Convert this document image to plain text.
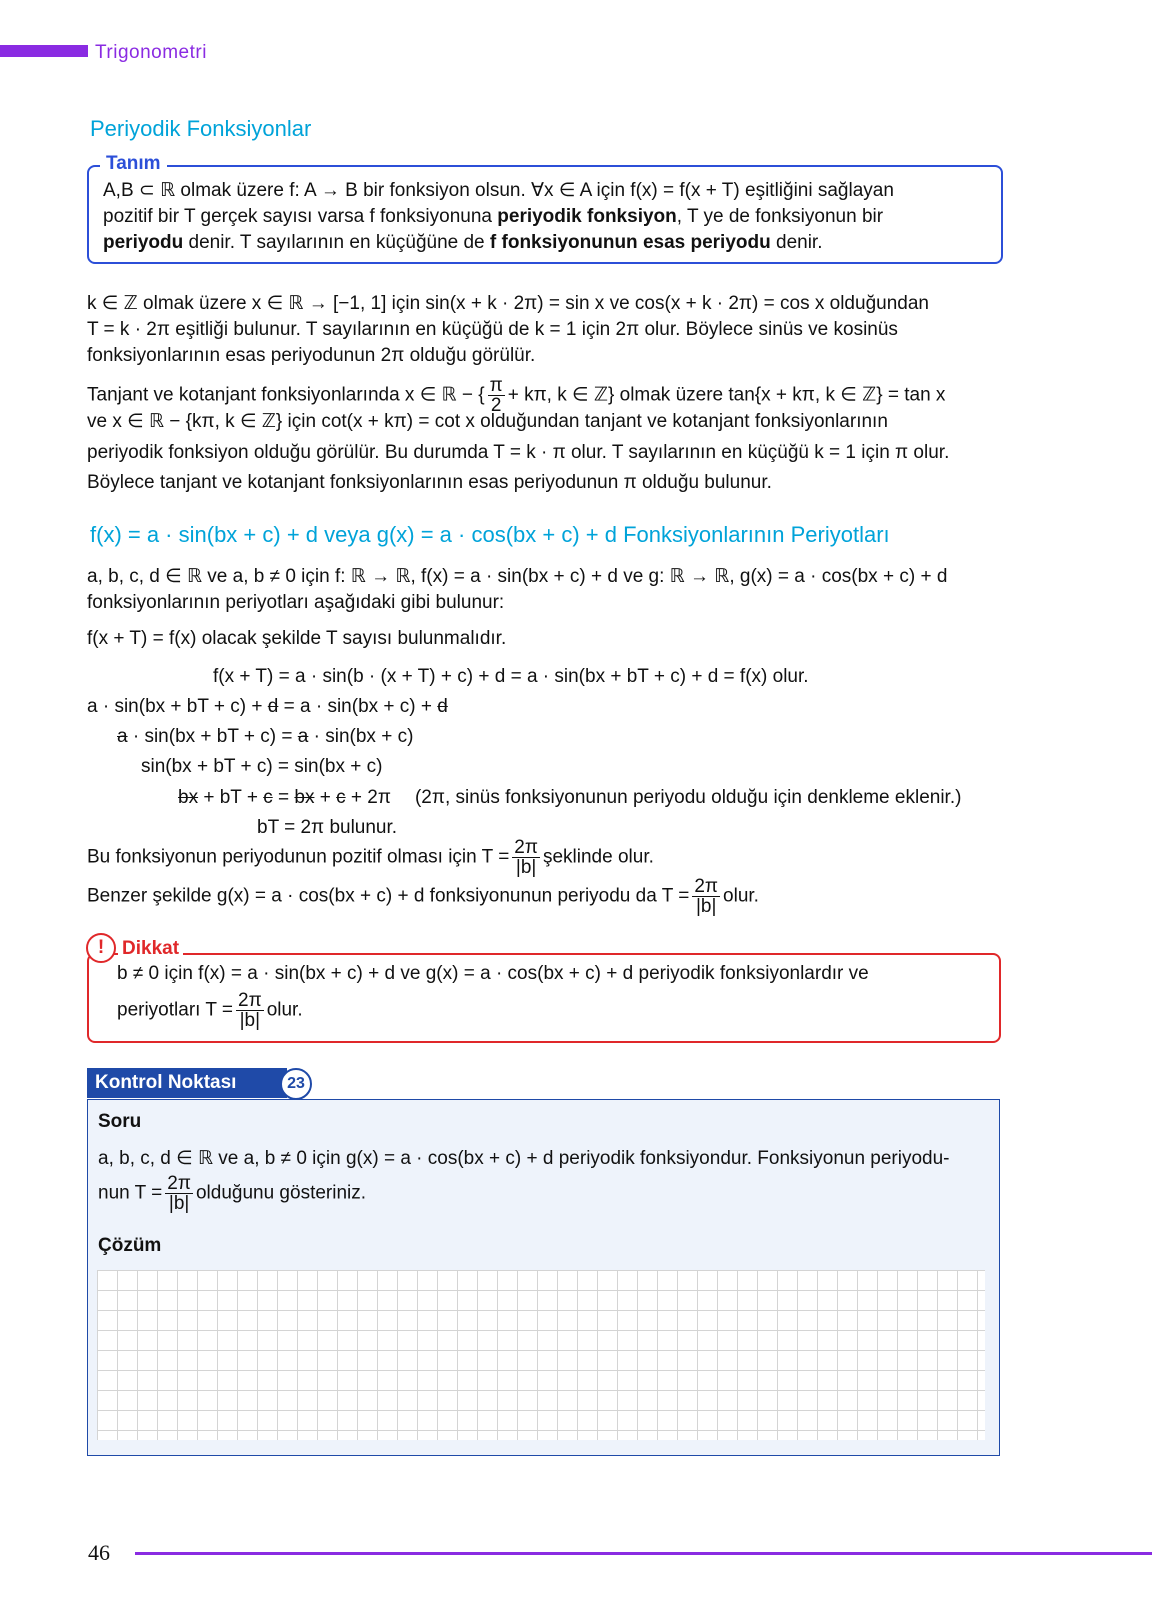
Trigonometri
Periyodik Fonksiyonlar
Tanım
A,B ⊂ ℝ olmak üzere f: A → B bir fonksiyon olsun. ∀x ∈ A için f(x) = f(x + T) eşitliğini sağlayan
pozitif bir T gerçek sayısı varsa f fonksiyonuna periyodik fonksiyon, T ye de fonksiyonun bir
periyodu denir. T sayılarının en küçüğüne de f fonksiyonunun esas periyodu denir.
k ∈ ℤ olmak üzere x ∈ ℝ → [−1, 1] için sin(x + k · 2π) = sin x ve cos(x + k · 2π) = cos x olduğundan
T = k · 2π eşitliği bulunur. T sayılarının en küçüğü de k = 1 için 2π olur. Böylece sinüs ve kosinüs
fonksiyonlarının esas periyodunun 2π olduğu görülür.
Tanjant ve kotanjant fonksiyonlarında x ∈ ℝ − { $\frac{\pi}{2} + k\pi$, k ∈ ℤ} olmak üzere tan{x + kπ, k ∈ ℤ} = tan x
ve x ∈ ℝ − {kπ, k ∈ ℤ} için cot(x + kπ) = cot x olduğundan tanjant ve kotanjant fonksiyonlarının
periyodik fonksiyon olduğu görülür. Bu durumda T = k · π olur. T sayılarının en küçüğü k = 1 için π olur.
Böylece tanjant ve kotanjant fonksiyonlarının esas periyodunun π olduğu bulunur.
f(x) = a · sin(bx + c) + d veya g(x) = a · cos(bx + c) + d Fonksiyonlarının Periyotları
a, b, c, d ∈ ℝ ve a, b ≠ 0 için f: ℝ → ℝ, f(x) = a · sin(bx + c) + d ve g: ℝ → ℝ, g(x) = a · cos(bx + c) + d
fonksiyonlarının periyotları aşağıdaki gibi bulunur:
f(x + T) = f(x) olacak şekilde T sayısı bulunmalıdır.
f(x + T) = a · sin(b · (x + T) + c) + d = a · sin(bx + bT + c) + d = f(x) olur.
a · sin(bx + bT + c) + d = a · sin(bx + c) + d
a · sin(bx + bT + c) = a · sin(bx + c)
sin(bx + bT + c) = sin(bx + c)
bx + bT + c = bx + c + 2π (2π, sinüs fonksiyonunun periyodu olduğu için denkleme eklenir.)
bT = 2π bulunur.
Bu fonksiyonun periyodunun pozitif olması için $T = \frac{2\pi}{|b|}$ şeklinde olur.
Benzer şekilde g(x) = a · cos(bx + c) + d fonksiyonunun periyodu da $T = \frac{2\pi}{|b|}$ olur.
! Dikkat
b ≠ 0 için f(x) = a · sin(bx + c) + d ve g(x) = a · cos(bx + c) + d periyodik fonksiyonlardır ve
periyotları $T = \frac{2\pi}{|b|}$ olur.
Kontrol Noktası	23
Soru
a, b, c, d ∈ ℝ ve a, b ≠ 0 için g(x) = a · cos(bx + c) + d periyodik fonksiyondur. Fonksiyonun periyodu-
nun $T = \frac{2\pi}{|b|}$ olduğunu gösteriniz.
Çözüm
46
